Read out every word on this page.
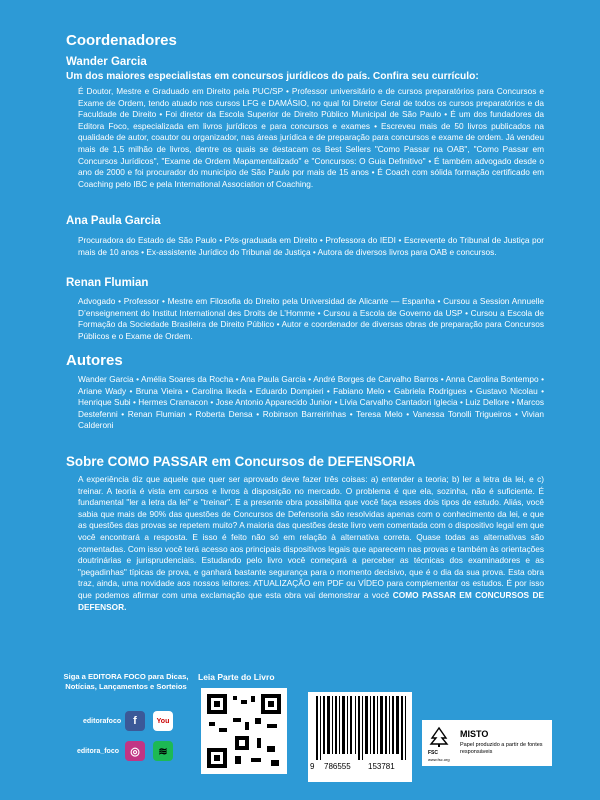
Coordenadores
Wander Garcia
Um dos maiores especialistas em concursos jurídicos do país. Confira seu currículo:
É Doutor, Mestre e Graduado em Direito pela PUC/SP • Professor universitário e de cursos preparatórios para Concursos e Exame de Ordem, tendo atuado nos cursos LFG e DAMÁSIO, no qual foi Diretor Geral de todos os cursos preparatórios e da Faculdade de Direito • Foi diretor da Escola Superior de Direito Público Municipal de São Paulo • É um dos fundadores da Editora Foco, especializada em livros jurídicos e para concursos e exames • Escreveu mais de 50 livros publicados na qualidade de autor, coautor ou organizador, nas áreas jurídica e de preparação para concursos e exame de ordem. Já vendeu mais de 1,5 milhão de livros, dentre os quais se destacam os Best Sellers "Como Passar na OAB", "Como Passar em Concursos Jurídicos", "Exame de Ordem Mapamentalizado" e "Concursos: O Guia Definitivo" • É também advogado desde o ano de 2000 e foi procurador do município de São Paulo por mais de 15 anos • É Coach com sólida formação certificado em Coaching pelo IBC e pela International Association of Coaching.
Ana Paula Garcia
Procuradora do Estado de São Paulo • Pós-graduada em Direito • Professora do IEDI • Escrevente do Tribunal de Justiça por mais de 10 anos • Ex-assistente Jurídico do Tribunal de Justiça • Autora de diversos livros para OAB e concursos.
Renan Flumian
Advogado • Professor • Mestre em Filosofia do Direito pela Universidad de Alicante — Espanha • Cursou a Session Annuelle D’enseignement do Institut International des Droits de L’Homme • Cursou a Escola de Governo da USP • Cursou a Escola de Formação da Sociedade Brasileira de Direito Público • Autor e coordenador de diversas obras de preparação para Concursos Públicos e o Exame de Ordem.
Autores
Wander Garcia • Amélia Soares da Rocha • Ana Paula Garcia • André Borges de Carvalho Barros • Anna Carolina Bontempo • Ariane Wady • Bruna Vieira • Carolina Ikeda • Eduardo Dompieri • Fabiano Melo • Gabriela Rodrigues • Gustavo Nicolau • Henrique Subi • Hermes Cramacon • Jose Antonio Apparecido Junior • Lívia Carvalho Cantadori Iglecia • Luiz Dellore • Marcos Destefenni • Renan Flumian • Roberta Densa • Robinson Barreirinhas • Teresa Melo • Vanessa Tonolli Trigueiros • Vivian Calderoni
Sobre COMO PASSAR em Concursos de DEFENSORIA
A experiência diz que aquele que quer ser aprovado deve fazer três coisas: a) entender a teoria; b) ler a letra da lei, e c) treinar. A teoria é vista em cursos e livros à disposição no mercado. O problema é que ela, sozinha, não é suficiente. É fundamental "ler a letra da lei" e "treinar". E a presente obra possibilita que você faça esses dois tipos de estudo. Aliás, você sabia que mais de 90% das questões de Concursos de Defensoria são resolvidas apenas com o conhecimento da lei, e que as questões das provas se repetem muito? A maioria das questões deste livro vem comentada com o dispositivo legal em que você encontrará a resposta. E isso é feito não só em relação à alternativa correta. Quase todas as alternativas são comentadas. Com isso você terá acesso aos principais dispositivos legais que aparecem nas provas e também às orientações doutrinárias e jurisprudenciais. Estudando pelo livro você começará a perceber as técnicas dos examinadores e as "pegadinhas" típicas de prova, e ganhará bastante segurança para o momento decisivo, que é o dia da sua prova. Esta obra traz, ainda, uma novidade aos nossos leitores: ATUALIZAÇÃO em PDF ou VÍDEO para complementar os estudos. É por isso que podemos afirmar com uma exclamação que esta obra vai demonstrar a você COMO PASSAR EM CONCURSOS DE DEFENSOR.
Siga a EDITORA FOCO para Dicas, Notícias, Lançamentos e Sorteios
editorafoco
editora_foco
f	You
◎	≋
Leia Parte do Livro
9 786555 153781
FSC
www.fsc.org
MISTO
Papel produzido a partir de fontes responsáveis
